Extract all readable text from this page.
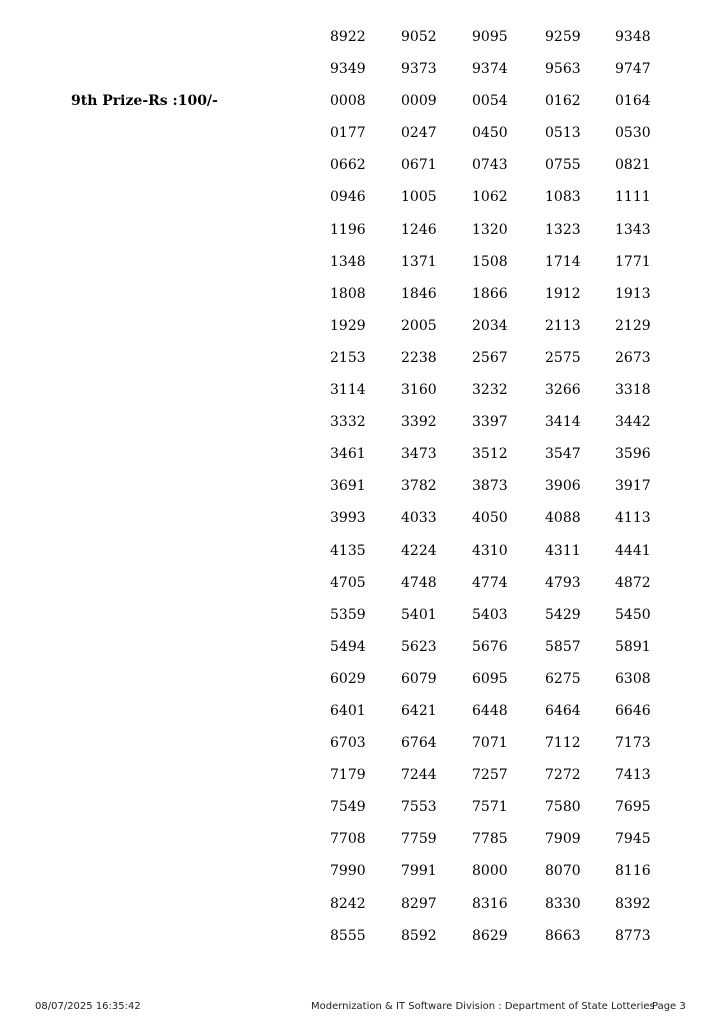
9th Prize-Rs :100/-
8922	9052	9095	9259 9348
9349	9373	9374	9563 9747
0008	0009	0054	0162 0164
0177	0247	0450	0513 0530
0662	0671	0743	0755 0821
0946	1005	1062	1083 1111
1196	1246	1320	1323 1343
1348	1371	1508	1714 1771
1808	1846	1866	1912 1913
1929	2005	2034	2113 2129
2153	2238	2567	2575 2673
3114	3160	3232	3266 3318
3332	3392	3397	3414 3442
3461	3473	3512	3547 3596
3691	3782	3873	3906 3917
3993	4033	4050	4088 4113
4135	4224	4310	4311 4441
4705	4748	4774	4793 4872
5359	5401	5403	5429 5450
5494	5623	5676	5857 5891
6029	6079	6095	6275 6308
6401	6421	6448	6464 6646
6703	6764	7071	7112 7173
7179	7244	7257	7272 7413
7549	7553	7571	7580 7695
7708	7759	7785	7909 7945
7990	7991	8000	8070 8116
8242	8297	8316	8330 8392
8555	8592	8629	8663 8773
08/07/2025 16:35:42	Modernization & IT Software Division : Department of State Lotteries
Page 3
